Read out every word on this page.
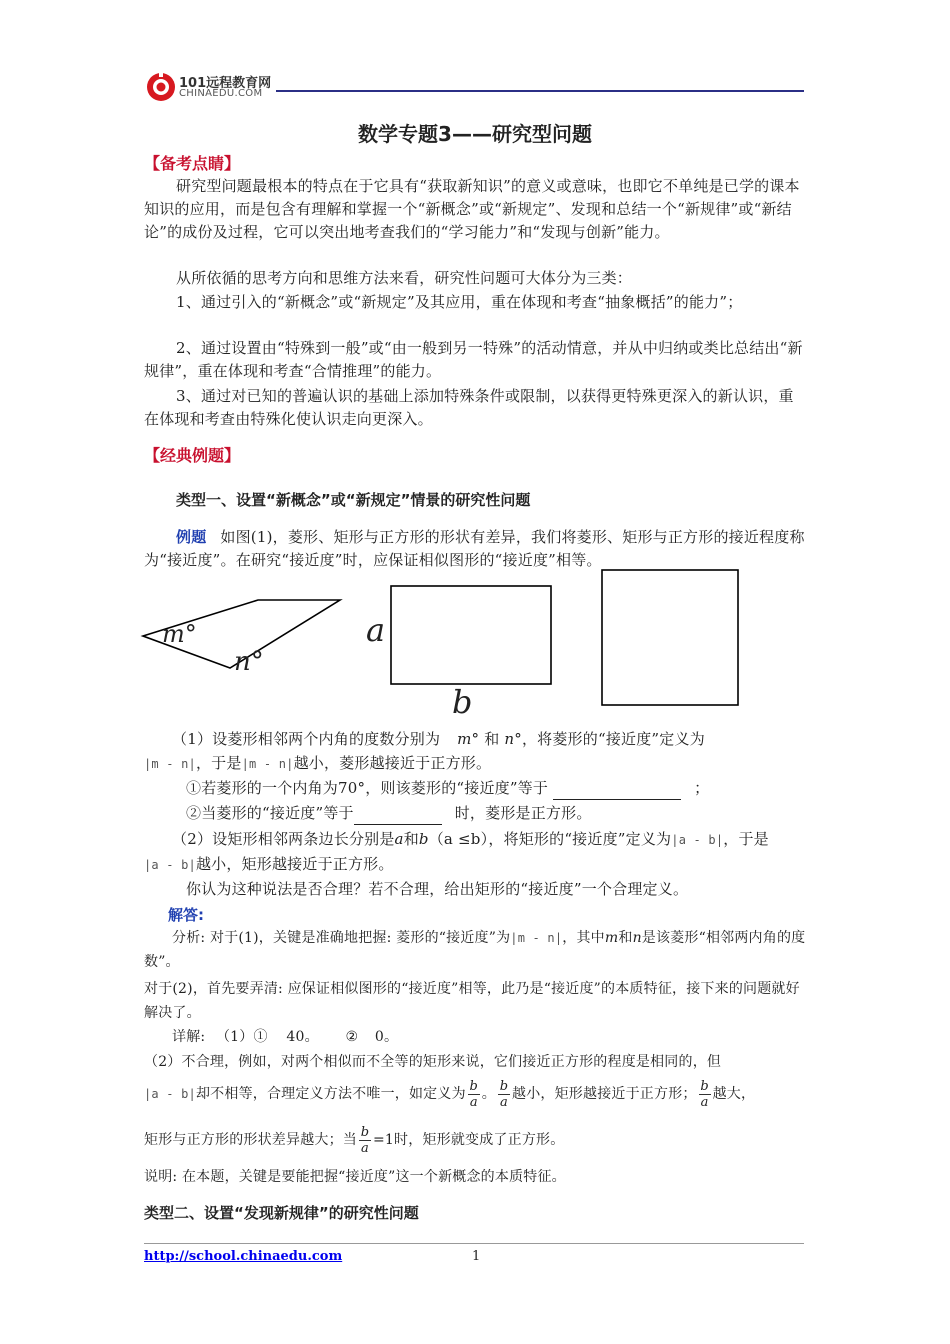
101远程教育网
CHINAEDU.COM
数学专题3——研究型问题
【备考点睛】
研究型问题最根本的特点在于它具有“获取新知识”的意义或意味，也即它不单纯是已学的课本知识的应用，而是包含有理解和掌握一个“新概念”或“新规定”、发现和总结一个“新规律”或“新结论”的成份及过程，它可以突出地考查我们的“学习能力”和“发现与创新”能力。
从所依循的思考方向和思维方法来看，研究性问题可大体分为三类：
1、通过引入的“新概念”或“新规定”及其应用，重在体现和考查“抽象概括”的能力”；
2、通过设置由“特殊到一般”或“由一般到另一特殊”的活动情意，并从中归纳或类比总结出“新规律”，重在体现和考查“合情推理”的能力。
3、通过对已知的普遍认识的基础上添加特殊条件或限制，以获得更特殊更深入的新认识，重在体现和考查由特殊化使认识走向更深入。
【经典例题】
类型一、设置“新概念”或“新规定”情景的研究性问题
例题 如图(1)，菱形、矩形与正方形的形状有差异，我们将菱形、矩形与正方形的接近程度称为“接近度”。在研究“接近度”时，应保证相似图形的“接近度”相等。
m°
n°
a
b
（1）设菱形相邻两个内角的度数分别为 m° 和 n°，将菱形的“接近度”定义为
|m - n|，于是|m - n|越小，菱形越接近于正方形。
①若菱形的一个内角为70°，则该菱形的“接近度”等于	；
②当菱形的“接近度”等于	时，菱形是正方形。
（2）设矩形相邻两条边长分别是a和b（a ≤b），将矩形的“接近度”定义为|a - b|，于是
|a - b|越小，矩形越接近于正方形。
你认为这种说法是否合理？若不合理，给出矩形的“接近度”一个合理定义。
解答:
分析: 对于(1)，关键是准确地把握: 菱形的“接近度”为|m - n|，其中m和n是该菱形“相邻两内角的度数”。
对于(2)，首先要弄清: 应保证相似图形的“接近度”相等，此乃是“接近度”的本质特征，接下来的问题就好解决了。
详解: （1）① 40。 ② 0。
（2）不合理，例如，对两个相似而不全等的矩形来说，它们接近正方形的程度是相同的，但
|a - b|却不相等，合理定义方法不唯一，如定义为 $\frac{b}{a}$ 。 $\frac{b}{a}$ 越小，矩形越接近于正方形； $\frac{b}{a}$ 越大，
矩形与正方形的形状差异越大；当 $\frac{b}{a} =1$时，矩形就变成了正方形。
说明: 在本题，关键是要能把握“接近度”这一个新概念的本质特征。
类型二、设置“发现新规律”的研究性问题
http://school.chinaedu.com	1
